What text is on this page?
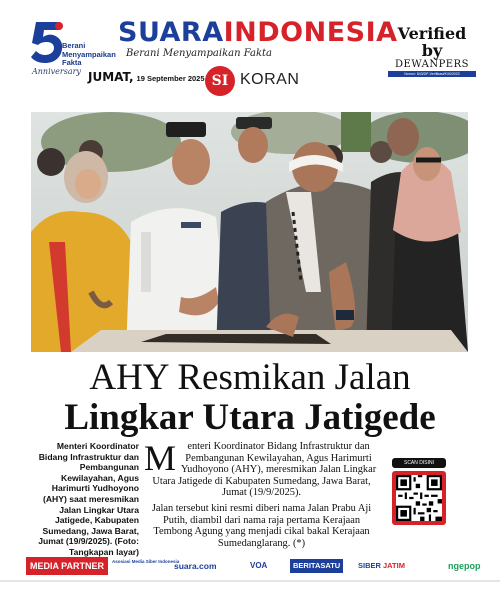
Berani Menyampaikan Fakta
Anniversary
SUARAINDONESIA
Berani Menyampaikan Fakta
Verified by
DEWANPERS
Nomor: 843/DP-Verifikasi/K/III/2023
JUMAT, 19 September 2025 SI KORAN
AHY Resmikan Jalan
Lingkar Utara Jatigede
Menteri Koordinator Bidang Infrastruktur dan Pembangunan Kewilayahan, Agus Harimurti Yudhoyono (AHY) saat meresmikan Jalan Lingkar Utara Jatigede, Kabupaten Sumedang, Jawa Barat, Jumat (19/9/2025). (Foto: Tangkapan layar)

M enteri Koordinator Bidang Infrastruktur dan Pembangunan Kewilayahan, Agus Harimurti Yudhoyono (AHY), meresmikan Jalan Lingkar Utara Jatigede di Kabupaten Sumedang, Jawa Barat, Jumat (19/9/2025).

Jalan tersebut kini resmi diberi nama Jalan Prabu Aji Putih, diambil dari nama raja pertama Kerajaan Tembong Agung yang menjadi cikal bakal Kerajaan Sumedanglarang. (*)

SCAN DISINI
MEDIA PARTNER	Asosiasi Media Siber Indonesia
suara.com	VOA	BERITASATU	SIBER JATIM	ngepop
